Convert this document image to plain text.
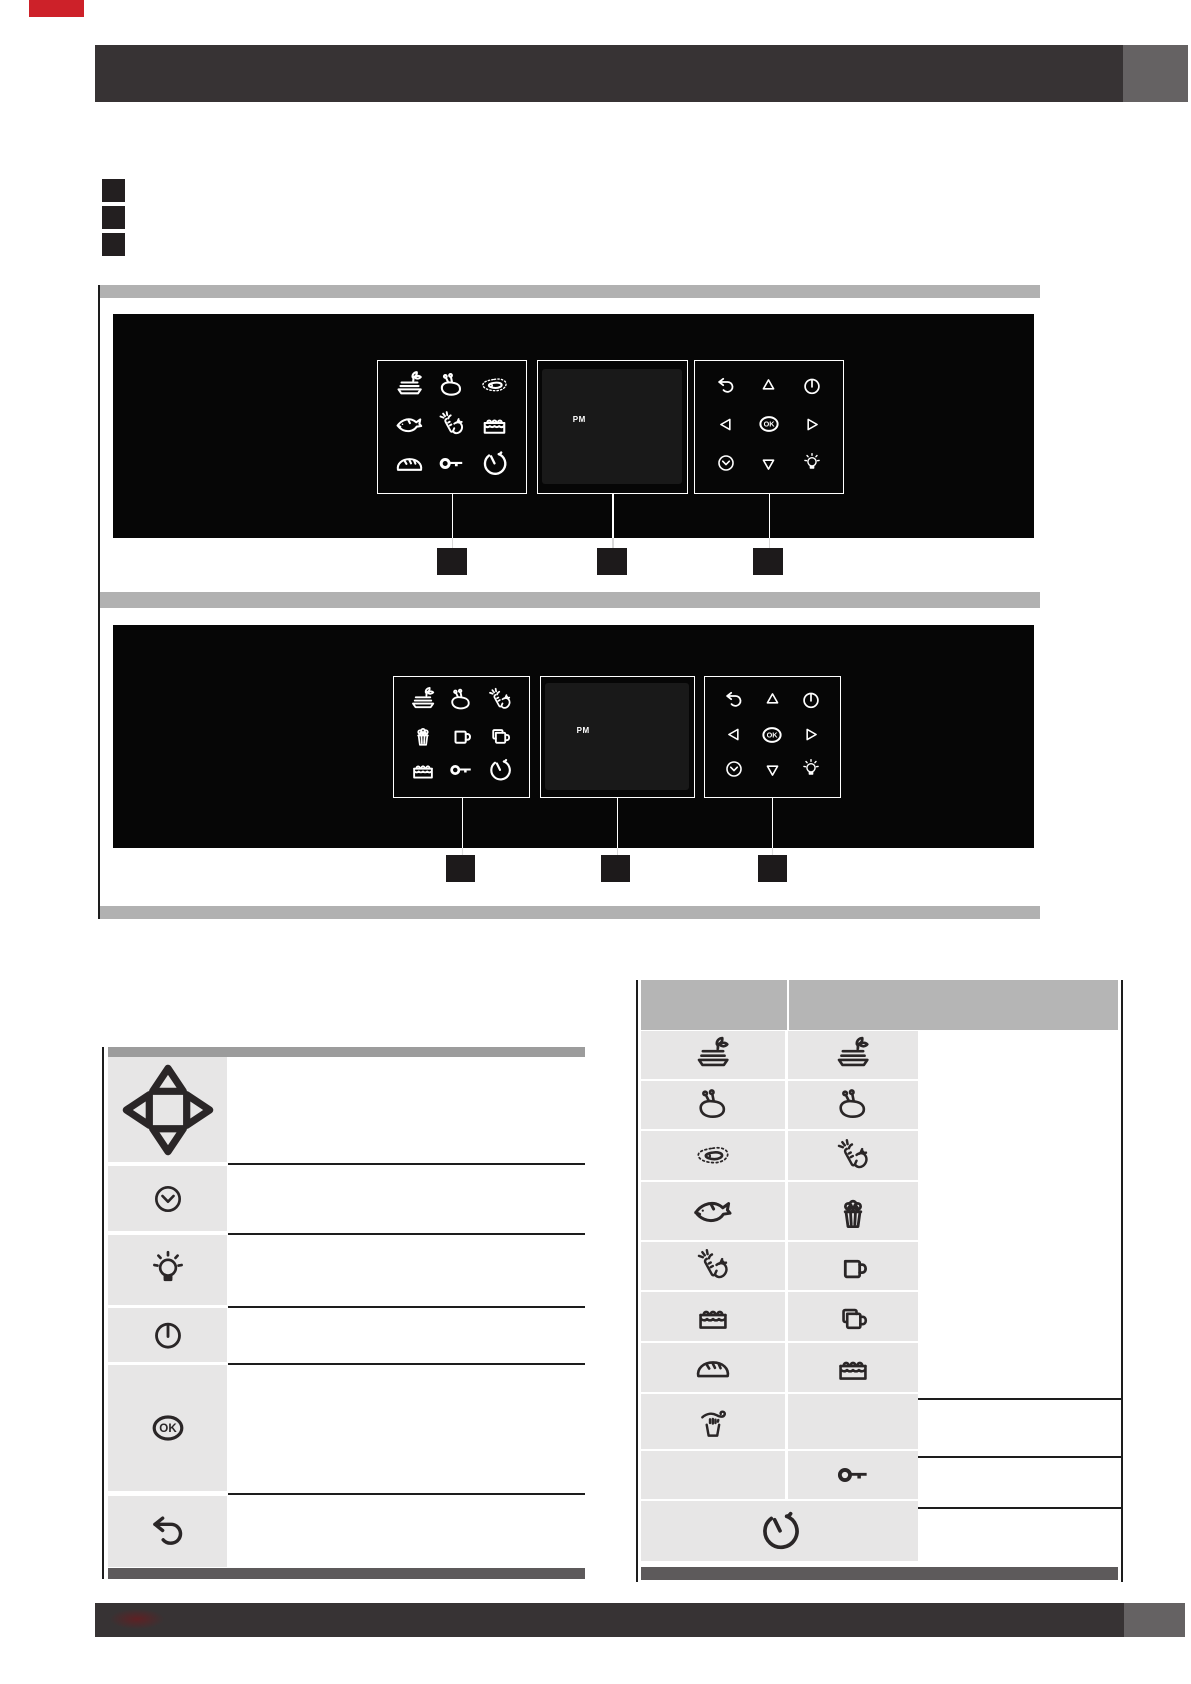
PM
PM
